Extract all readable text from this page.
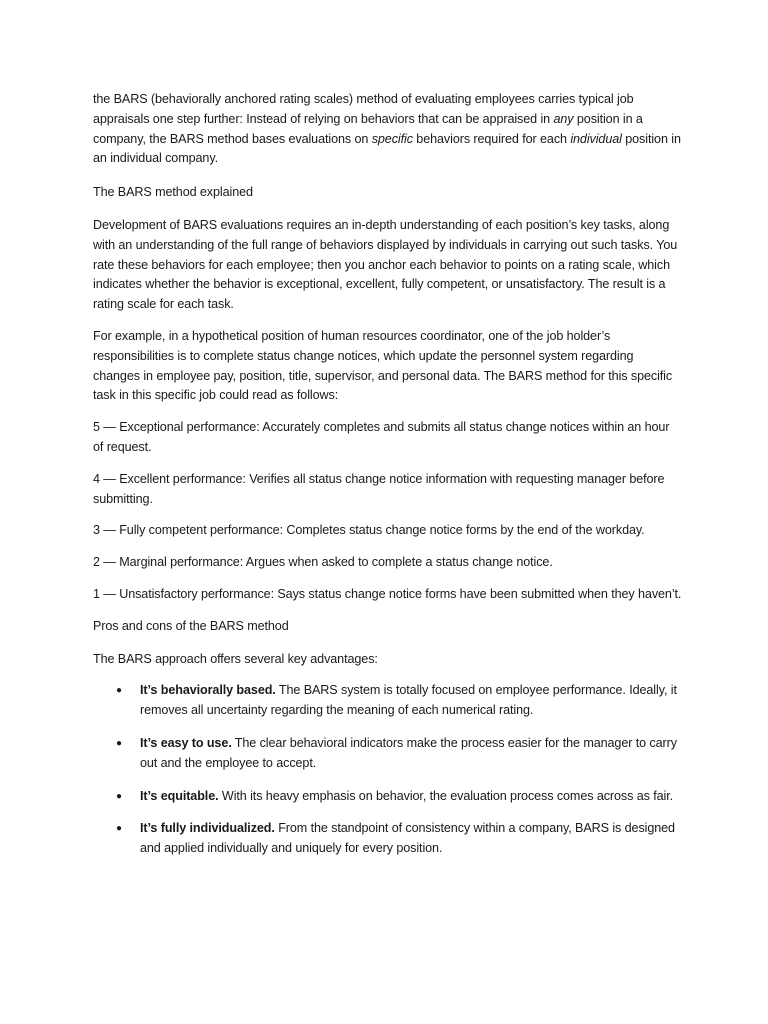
the BARS (behaviorally anchored rating scales) method of evaluating employees carries typical job appraisals one step further: Instead of relying on behaviors that can be appraised in any position in a company, the BARS method bases evaluations on specific behaviors required for each individual position in an individual company.

The BARS method explained

Development of BARS evaluations requires an in-depth understanding of each position’s key tasks, along with an understanding of the full range of behaviors displayed by individuals in carrying out such tasks. You rate these behaviors for each employee; then you anchor each behavior to points on a rating scale, which indicates whether the behavior is exceptional, excellent, fully competent, or unsatisfactory. The result is a rating scale for each task.

For example, in a hypothetical position of human resources coordinator, one of the job holder’s responsibilities is to complete status change notices, which update the personnel system regarding changes in employee pay, position, title, supervisor, and personal data. The BARS method for this specific task in this specific job could read as follows:

5 — Exceptional performance: Accurately completes and submits all status change notices within an hour of request.

4 — Excellent performance: Verifies all status change notice information with requesting manager before submitting.

3 — Fully competent performance: Completes status change notice forms by the end of the workday.

2 — Marginal performance: Argues when asked to complete a status change notice.

1 — Unsatisfactory performance: Says status change notice forms have been submitted when they haven’t.

Pros and cons of the BARS method

The BARS approach offers several key advantages:

● It’s behaviorally based. The BARS system is totally focused on employee performance. Ideally, it removes all uncertainty regarding the meaning of each numerical rating.
● It’s easy to use. The clear behavioral indicators make the process easier for the manager to carry out and the employee to accept.
● It’s equitable. With its heavy emphasis on behavior, the evaluation process comes across as fair.
● It’s fully individualized. From the standpoint of consistency within a company, BARS is designed and applied individually and uniquely for every position.
